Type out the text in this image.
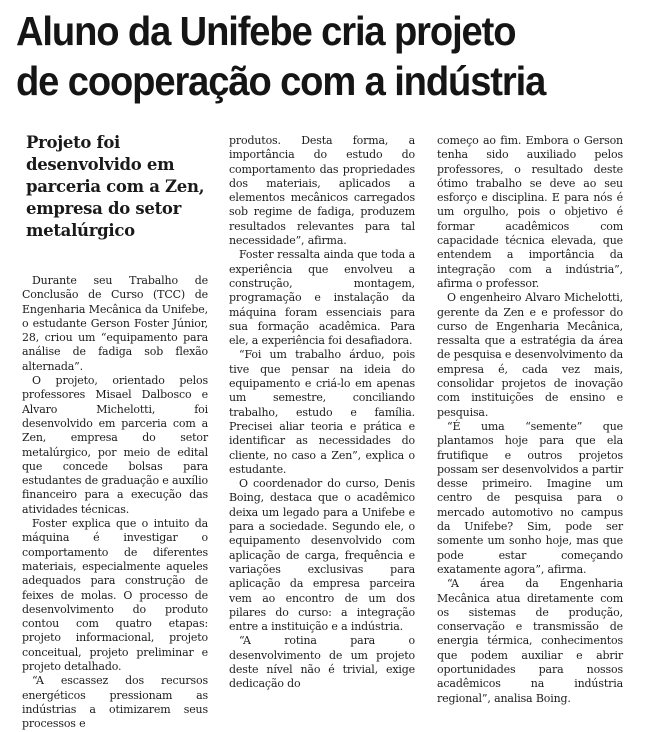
Aluno da Unifebe cria projeto
de cooperação com a indústria
Projeto foi desenvolvido em parceria com a Zen, empresa do setor metalúrgico

Durante seu Trabalho de Conclusão de Curso (TCC) de Engenharia Mecânica da Unifebe, o estudante Gerson Foster Júnior, 28, criou um “equipamento para análise de fadiga sob flexão alternada”.

O projeto, orientado pelos professores Misael Dalbosco e Alvaro Michelotti, foi desenvolvido em parceria com a Zen, empresa do setor metalúrgico, por meio de edital que concede bolsas para estudantes de graduação e auxílio financeiro para a execução das atividades técnicas.

Foster explica que o intuito da máquina é investigar o comportamento de diferentes materiais, especialmente aqueles adequados para construção de feixes de molas. O processo de desenvolvimento do produto contou com quatro etapas: projeto informacional, projeto conceitual, projeto preliminar e projeto detalhado.

“A escassez dos recursos energéticos pressionam as indústrias a otimizarem seus processos e

produtos. Desta forma, a importância do estudo do comportamento das propriedades dos materiais, aplicados a elementos mecânicos carregados sob regime de fadiga, produzem resultados relevantes para tal necessidade”, afirma.

Foster ressalta ainda que toda a experiência que envolveu a construção, montagem, programação e instalação da máquina foram essenciais para sua formação acadêmica. Para ele, a experiência foi desafiadora.

“Foi um trabalho árduo, pois tive que pensar na ideia do equipamento e criá-lo em apenas um semestre, conciliando trabalho, estudo e família. Precisei aliar teoria e prática e identificar as necessidades do cliente, no caso a Zen”, explica o estudante.

O coordenador do curso, Denis Boing, destaca que o acadêmico deixa um legado para a Unifebe e para a sociedade. Segundo ele, o equipamento desenvolvido com aplicação de carga, frequência e variações exclusivas para aplicação da empresa parceira vem ao encontro de um dos pilares do curso: a integração entre a instituição e a indústria.

“A rotina para o desenvolvimento de um projeto deste nível não é trivial, exige dedicação do

começo ao fim. Embora o Gerson tenha sido auxiliado pelos professores, o resultado deste ótimo trabalho se deve ao seu esforço e disciplina. E para nós é um orgulho, pois o objetivo é formar acadêmicos com capacidade técnica elevada, que entendem a importância da integração com a indústria”, afirma o professor.

O engenheiro Alvaro Michelotti, gerente da Zen e e professor do curso de Engenharia Mecânica, ressalta que a estratégia da área de pesquisa e desenvolvimento da empresa é, cada vez mais, consolidar projetos de inovação com instituições de ensino e pesquisa.

“É uma “semente” que plantamos hoje para que ela frutifique e outros projetos possam ser desenvolvidos a partir desse primeiro. Imagine um centro de pesquisa para o mercado automotivo no campus da Unifebe? Sim, pode ser somente um sonho hoje, mas que pode estar começando exatamente agora”, afirma.

“A área da Engenharia Mecânica atua diretamente com os sistemas de produção, conservação e transmissão de energia térmica, conhecimentos que podem auxiliar e abrir oportunidades para nossos acadêmicos na indústria regional”, analisa Boing.
